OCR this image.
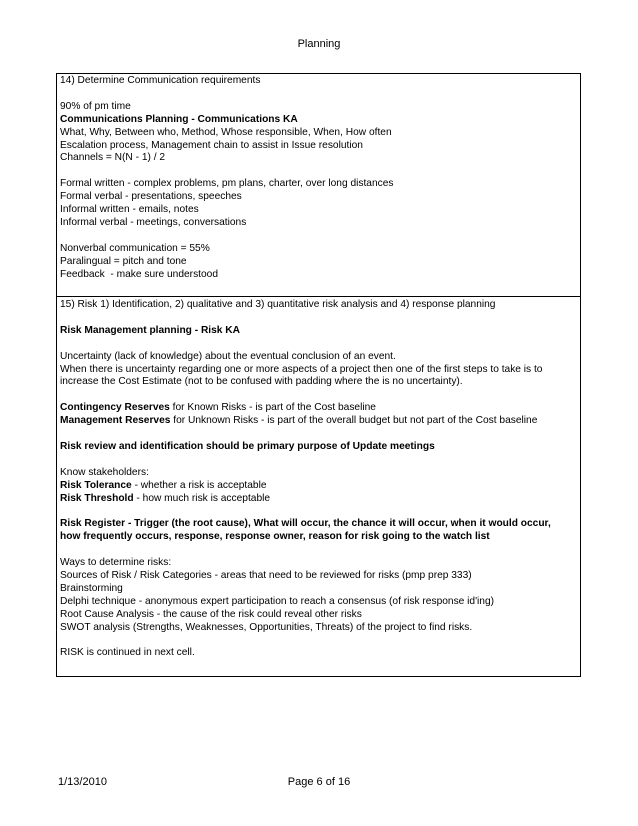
Planning
14) Determine Communication requirements
90% of pm time
Communications Planning - Communications KA
What, Why, Between who, Method, Whose responsible, When, How often
Escalation process, Management chain to assist in Issue resolution
Channels = N(N - 1) / 2
Formal written - complex problems, pm plans, charter, over long distances
Formal verbal - presentations, speeches
Informal written - emails, notes
Informal verbal - meetings, conversations
Nonverbal communication = 55%
Paralingual = pitch and tone
Feedback  - make sure understood
15) Risk 1) Identification, 2) qualitative and 3) quantitative risk analysis and 4) response planning
Risk Management planning - Risk KA
Uncertainty (lack of knowledge) about the eventual conclusion of an event.
When there is uncertainty regarding one or more aspects of a project then one of the first steps to take is to
increase the Cost Estimate (not to be confused with padding where the is no uncertainty).
Contingency Reserves for Known Risks - is part of the Cost baseline
Management Reserves for Unknown Risks - is part of the overall budget but not part of the Cost baseline
Risk review and identification should be primary purpose of Update meetings
Know stakeholders:
Risk Tolerance - whether a risk is acceptable
Risk Threshold - how much risk is acceptable
Risk Register - Trigger (the root cause), What will occur, the chance it will occur, when it would occur,
how frequently occurs, response, response owner, reason for risk going to the watch list
Ways to determine risks:
Sources of Risk / Risk Categories - areas that need to be reviewed for risks (pmp prep 333)
Brainstorming
Delphi technique - anonymous expert participation to reach a consensus (of risk response id'ing)
Root Cause Analysis - the cause of the risk could reveal other risks
SWOT analysis (Strengths, Weaknesses, Opportunities, Threats) of the project to find risks.
RISK is continued in next cell.
Page 6 of 16
1/13/2010
